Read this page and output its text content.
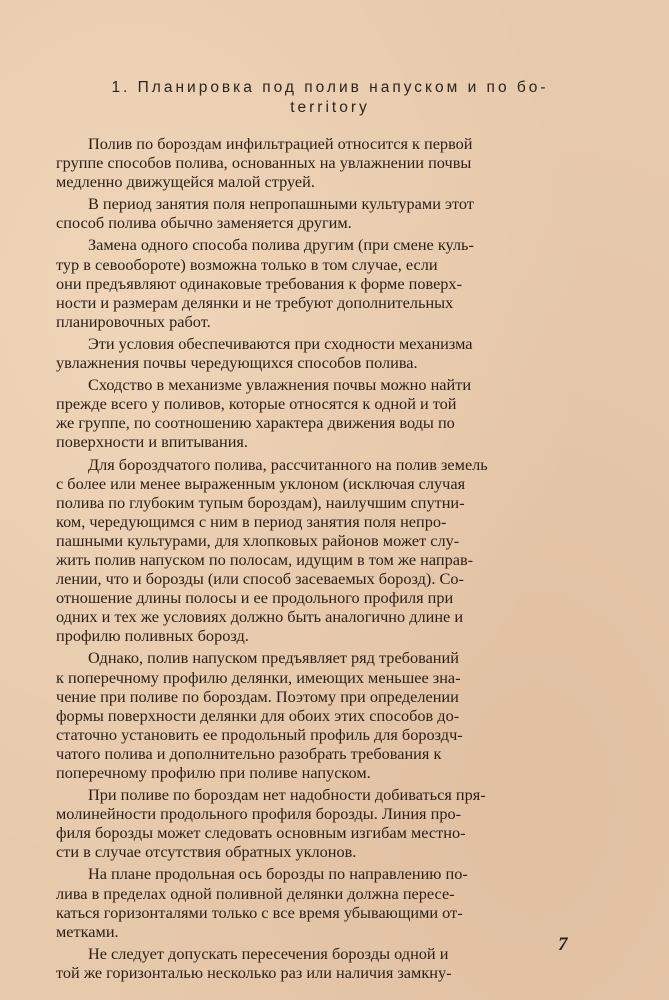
1. Планировка под полив напуском и по бо-
territory
Полив по бороздам инфильтрацией относится к первой
группе способов полива, основанных на увлажнении почвы
медленно движущейся малой струей.
В период занятия поля непропашными культурами этот
способ полива обычно заменяется другим.
Замена одного способа полива другим (при смене куль-
тур в севообороте) возможна только в том случае, если
они предъявляют одинаковые требования к форме поверх-
ности и размерам делянки и не требуют дополнительных
планировочных работ.
Эти условия обеспечиваются при сходности механизма
увлажнения почвы чередующихся способов полива.
Сходство в механизме увлажнения почвы можно найти
прежде всего у поливов, которые относятся к одной и той
же группе, по соотношению характера движения воды по
поверхности и впитывания.
Для бороздчатого полива, рассчитанного на полив земель
с более или менее выраженным уклоном (исключая случая
полива по глубоким тупым бороздам), наилучшим спутни-
ком, чередующимся с ним в период занятия поля непро-
пашными культурами, для хлопковых районов может слу-
жить полив напуском по полосам, идущим в том же направ-
лении, что и борозды (или способ засеваемых борозд). Со-
отношение длины полосы и ее продольного профиля при
одних и тех же условиях должно быть аналогично длине и
профилю поливных борозд.
Однако, полив напуском предъявляет ряд требований
к поперечному профилю делянки, имеющих меньшее зна-
чение при поливе по бороздам. Поэтому при определении
формы поверхности делянки для обоих этих способов до-
статочно установить ее продольный профиль для бороздч-
чатого полива и дополнительно разобрать требования к
поперечному профилю при поливе напуском.
При поливе по бороздам нет надобности добиваться пря-
молинейности продольного профиля борозды. Линия про-
филя борозды может следовать основным изгибам местно-
сти в случае отсутствия обратных уклонов.
На плане продольная ось борозды по направлению по-
лива в пределах одной поливной делянки должна пересе-
каться горизонталями только с все время убывающими от-
метками.
Не следует допускать пересечения борозды одной и
той же горизонталью несколько раз или наличия замкну-
7
